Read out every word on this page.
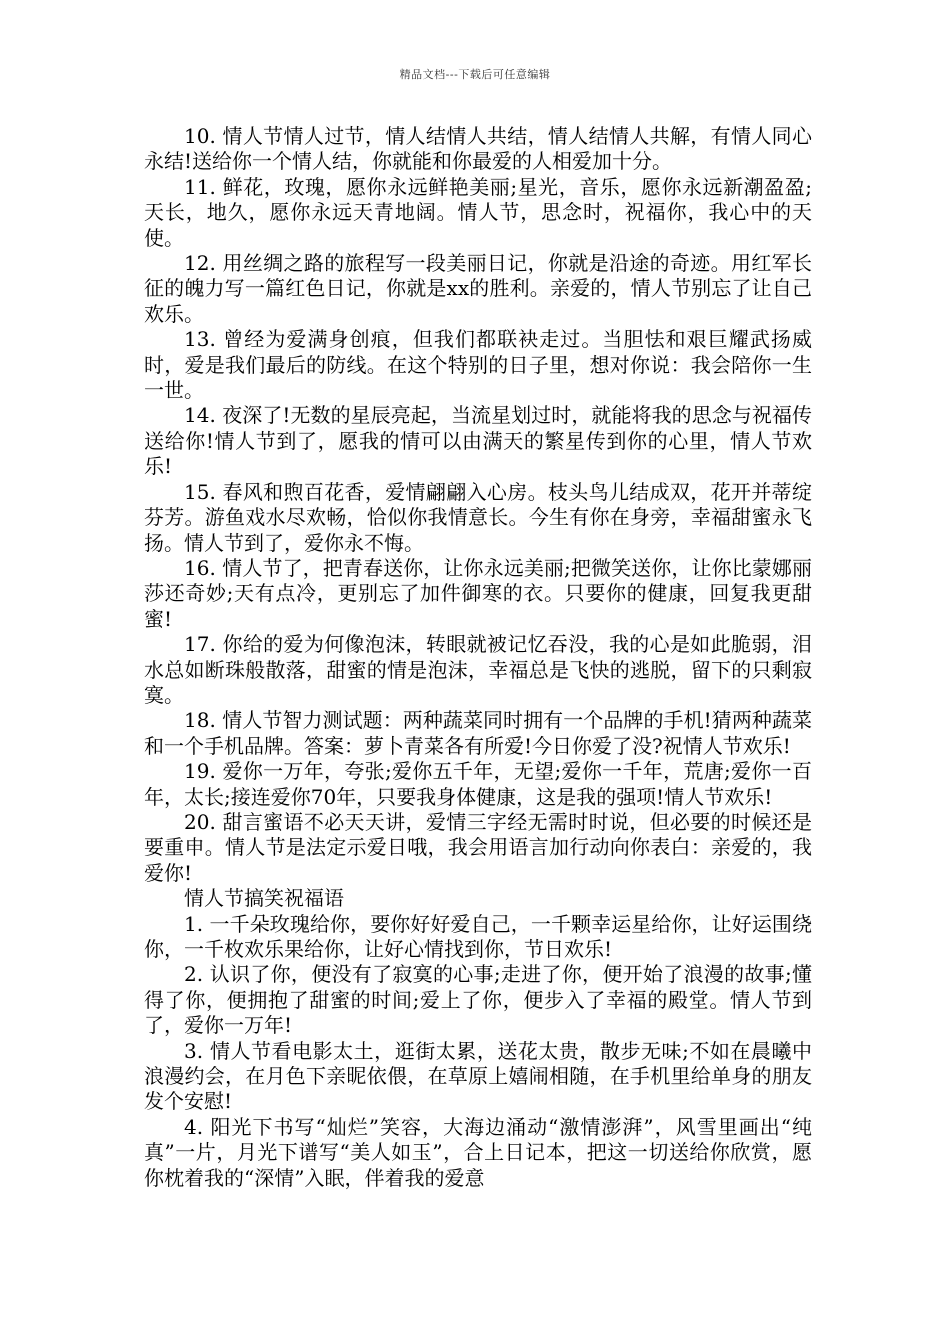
精品文档---下载后可任意编辑

10. 情人节情人过节，情人结情人共结，情人结情人共解，有情人同心永结!送给你一个情人结，你就能和你最爱的人相爱加十分。

11. 鲜花，玫瑰，愿你永远鲜艳美丽;星光，音乐，愿你永远新潮盈盈;天长，地久，愿你永远天青地阔。情人节，思念时，祝福你，我心中的天使。

12. 用丝绸之路的旅程写一段美丽日记，你就是沿途的奇迹。用红军长征的魄力写一篇红色日记，你就是xx的胜利。亲爱的，情人节别忘了让自己欢乐。

13. 曾经为爱满身创痕，但我们都联袂走过。当胆怯和艰巨耀武扬威时，爱是我们最后的防线。在这个特别的日子里，想对你说：我会陪你一生一世。

14. 夜深了!无数的星辰亮起，当流星划过时，就能将我的思念与祝福传送给你!情人节到了，愿我的情可以由满天的繁星传到你的心里，情人节欢乐!

15. 春风和煦百花香，爱情翩翩入心房。枝头鸟儿结成双，花开并蒂绽芬芳。游鱼戏水尽欢畅，恰似你我情意长。今生有你在身旁，幸福甜蜜永飞扬。情人节到了，爱你永不悔。

16. 情人节了，把青春送你，让你永远美丽;把微笑送你，让你比蒙娜丽莎还奇妙;天有点冷，更别忘了加件御寒的衣。只要你的健康，回复我更甜蜜!

17. 你给的爱为何像泡沫，转眼就被记忆吞没，我的心是如此脆弱，泪水总如断珠般散落，甜蜜的情是泡沫，幸福总是飞快的逃脱，留下的只剩寂寞。

18. 情人节智力测试题：两种蔬菜同时拥有一个品牌的手机!猜两种蔬菜和一个手机品牌。答案：萝卜青菜各有所爱!今日你爱了没?祝情人节欢乐!

19. 爱你一万年，夸张;爱你五千年，无望;爱你一千年，荒唐;爱你一百年，太长;接连爱你70年，只要我身体健康，这是我的强项!情人节欢乐!

20. 甜言蜜语不必天天讲，爱情三字经无需时时说，但必要的时候还是要重申。情人节是法定示爱日哦，我会用语言加行动向你表白：亲爱的，我爱你!

情人节搞笑祝福语

1. 一千朵玫瑰给你，要你好好爱自己，一千颗幸运星给你，让好运围绕你，一千枚欢乐果给你，让好心情找到你，节日欢乐!

2. 认识了你，便没有了寂寞的心事;走进了你，便开始了浪漫的故事;懂得了你，便拥抱了甜蜜的时间;爱上了你，便步入了幸福的殿堂。情人节到了，爱你一万年!

3. 情人节看电影太土，逛街太累，送花太贵，散步无味;不如在晨曦中浪漫约会，在月色下亲昵依偎，在草原上嬉闹相随，在手机里给单身的朋友发个安慰!

4. 阳光下书写“灿烂”笑容，大海边涌动“激情澎湃”，风雪里画出“纯真”一片，月光下谱写“美人如玉”，合上日记本，把这一切送给你欣赏，愿你枕着我的“深情”入眠，伴着我的爱意
